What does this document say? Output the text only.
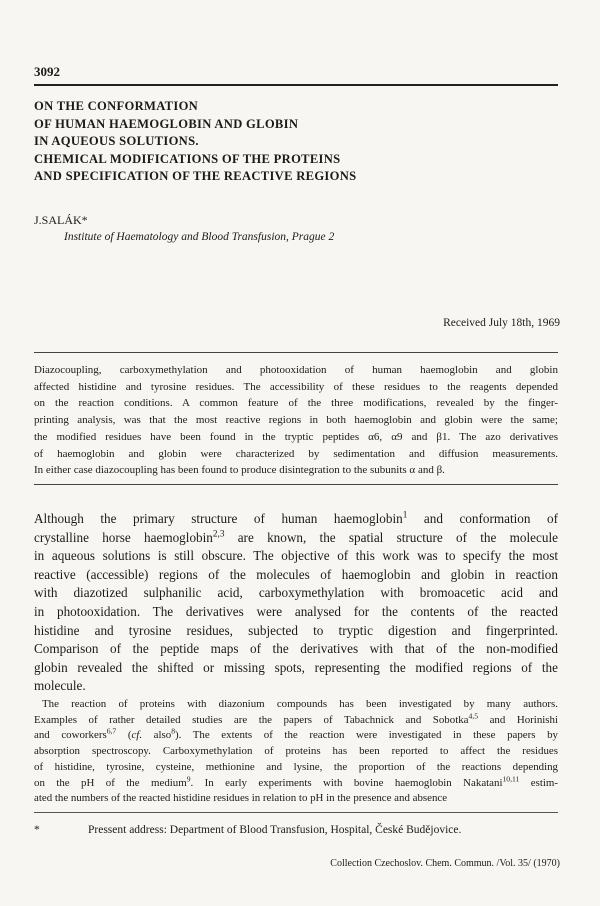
3092
ON THE CONFORMATION
OF HUMAN HAEMOGLOBIN AND GLOBIN
IN AQUEOUS SOLUTIONS.
CHEMICAL MODIFICATIONS OF THE PROTEINS
AND SPECIFICATION OF THE REACTIVE REGIONS
J.SALÁK*
Institute of Haematology and Blood Transfusion, Prague 2
Received July 18th, 1969
Diazocoupling, carboxymethylation and photooxidation of human haemoglobin and globin
affected histidine and tyrosine residues. The accessibility of these residues to the reagents depended
on the reaction conditions. A common feature of the three modifications, revealed by the finger-
printing analysis, was that the most reactive regions in both haemoglobin and globin were the same;
the modified residues have been found in the tryptic peptides α6, α9 and β1. The azo derivatives
of haemoglobin and globin were characterized by sedimentation and diffusion measurements.
In either case diazocoupling has been found to produce disintegration to the subunits α and β.
Although the primary structure of human haemoglobin$^1$ and conformation of
crystalline horse haemoglobin$^{2,3}$ are known, the spatial structure of the molecule
in aqueous solutions is still obscure. The objective of this work was to specify the most
reactive (accessible) regions of the molecules of haemoglobin and globin in reaction
with diazotized sulphanilic acid, carboxymethylation with bromoacetic acid and
in photooxidation. The derivatives were analysed for the contents of the reacted
histidine and tyrosine residues, subjected to tryptic digestion and fingerprinted.
Comparison of the peptide maps of the derivatives with that of the non-modified
globin revealed the shifted or missing spots, representing the modified regions of the
molecule.
The reaction of proteins with diazonium compounds has been investigated by many authors.
Examples of rather detailed studies are the papers of Tabachnick and Sobotka$^{4,5}$ and Horinishi
and coworkers$^{6,7}$ (cf. also$^8$). The extents of the reaction were investigated in these papers by
absorption spectroscopy. Carboxymethylation of proteins has been reported to affect the residues
of histidine, tyrosine, cysteine, methionine and lysine, the proportion of the reactions depending
on the pH of the medium$^9$. In early experiments with bovine haemoglobin Nakatani$^{10,11}$ estim-
ated the numbers of the reacted histidine residues in relation to pH in the presence and absence
*	Pressent address: Department of Blood Transfusion, Hospital, České Budějovice.
Collection Czechoslov. Chem. Commun. /Vol. 35/ (1970)
